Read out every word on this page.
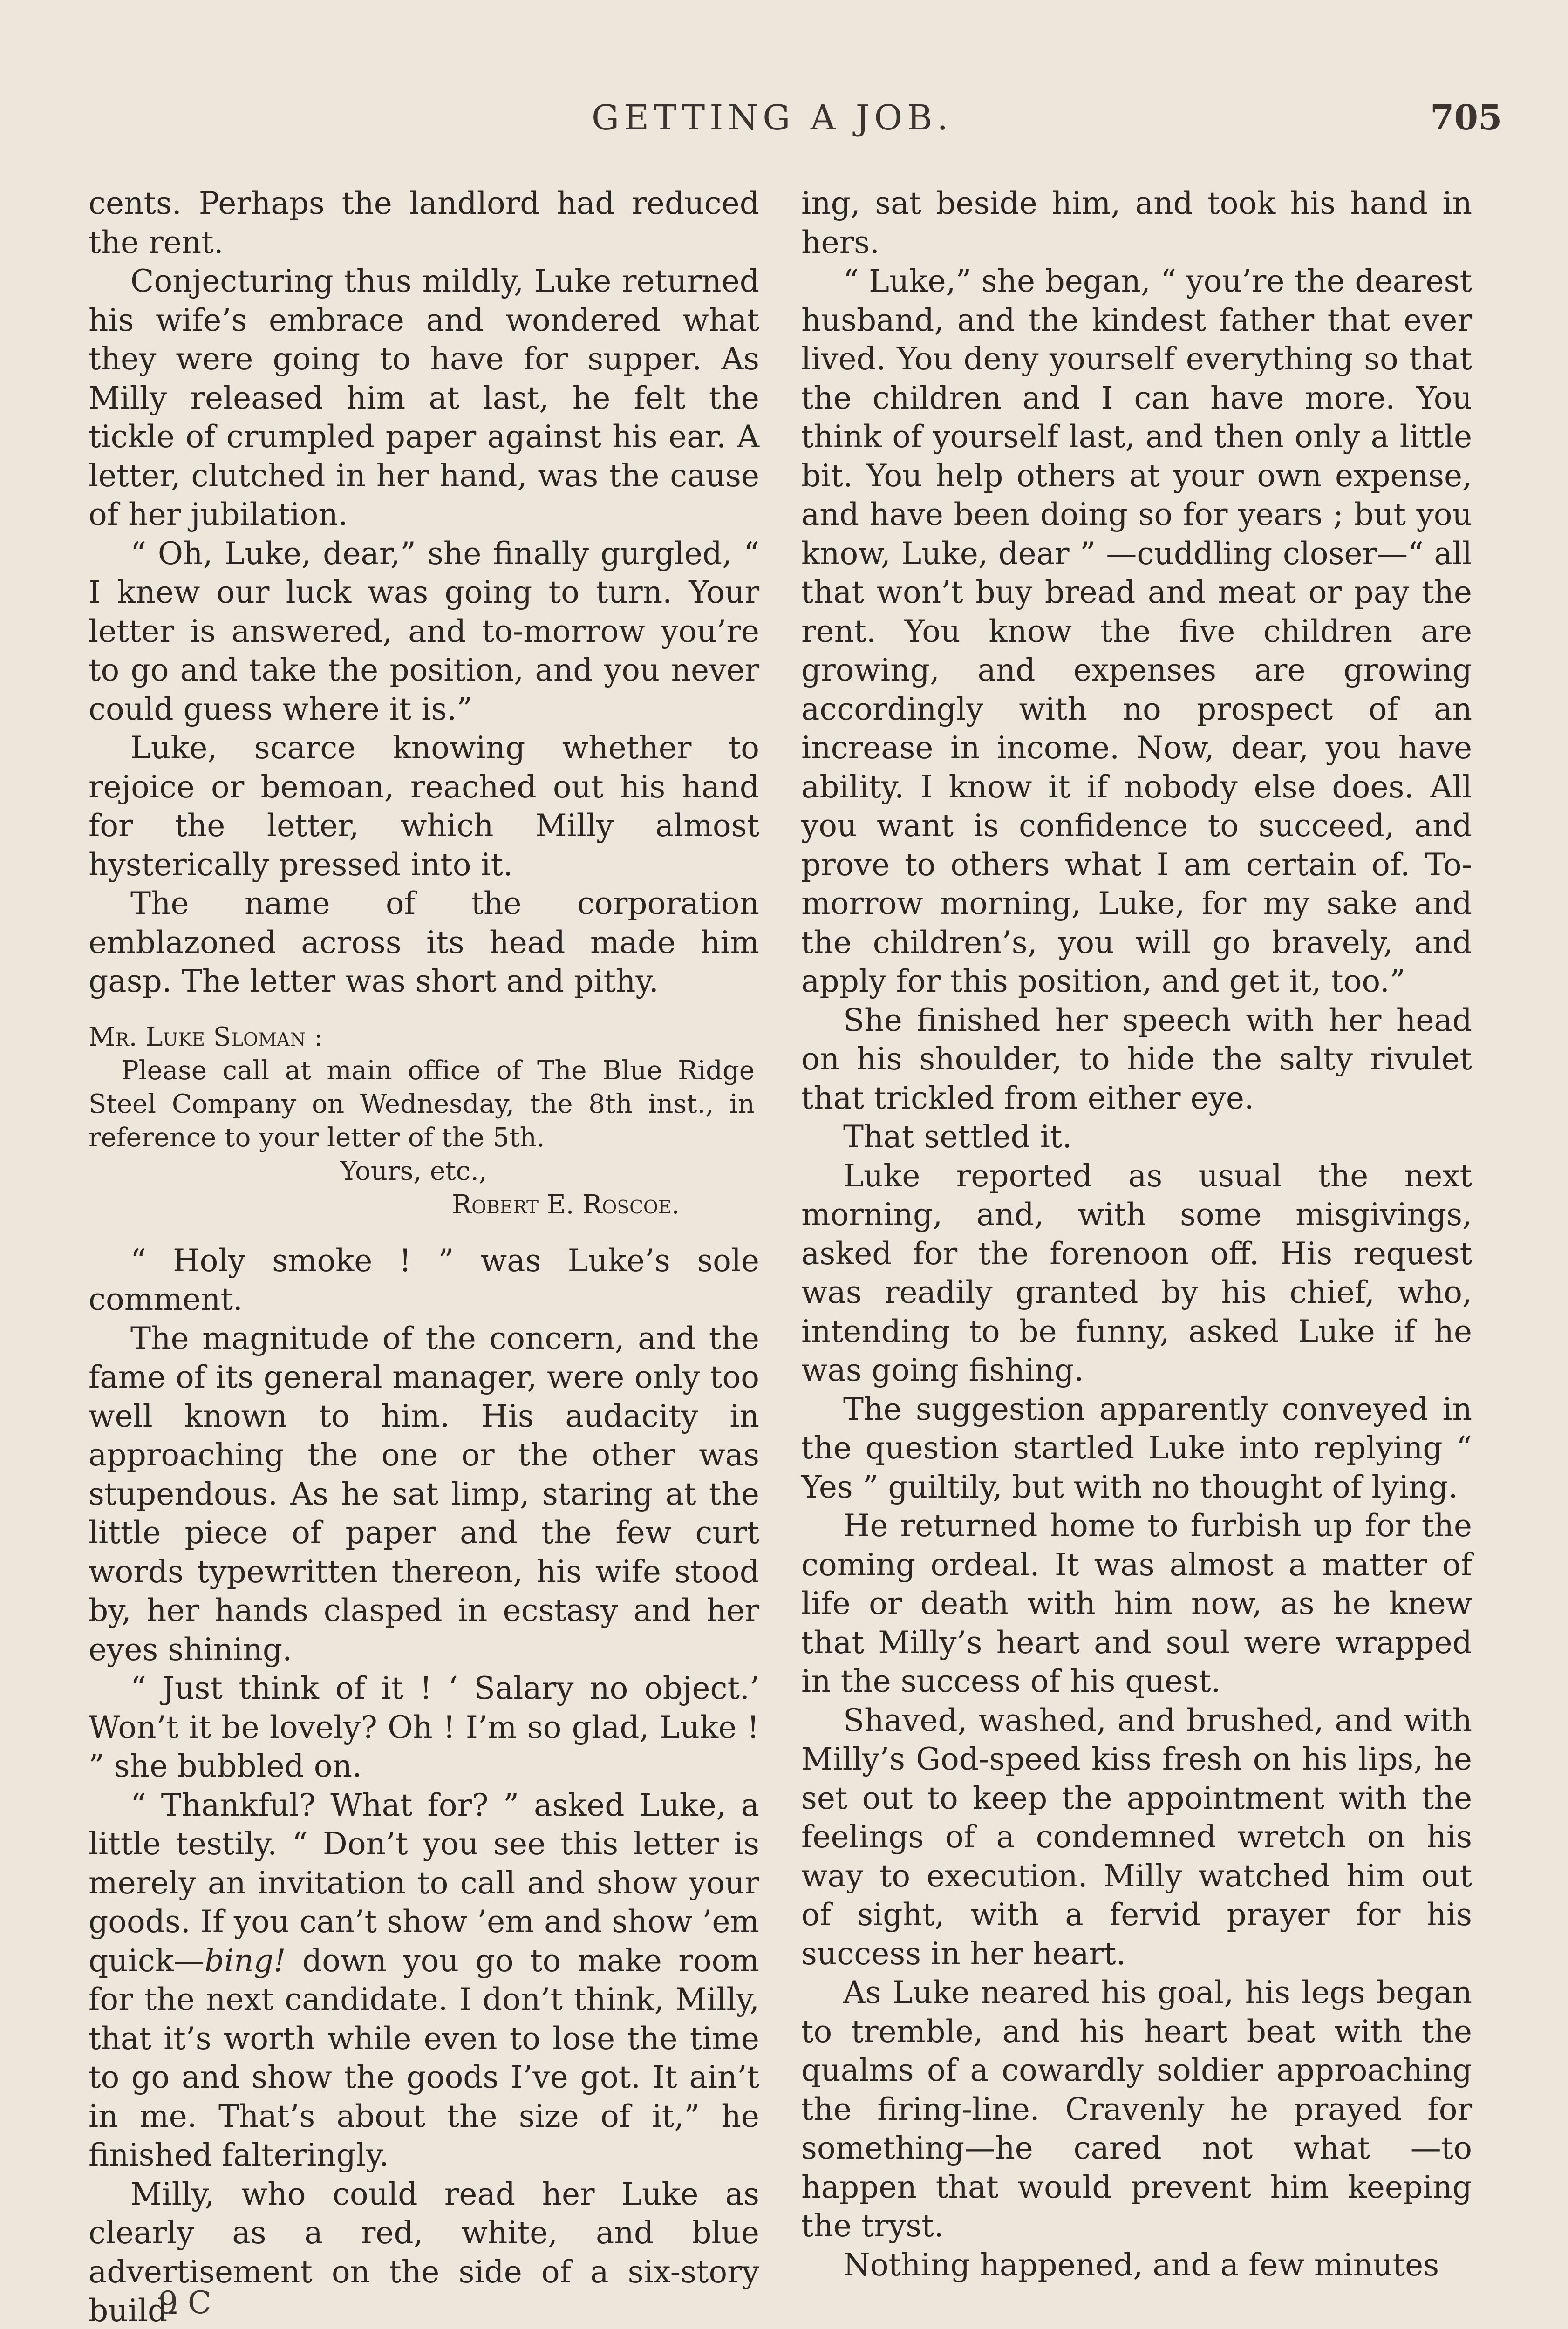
GETTING A JOB.	705

cents. Perhaps the landlord had reduced the rent.

Conjecturing thus mildly, Luke returned his wife’s embrace and wondered what they were going to have for supper. As Milly released him at last, he felt the tickle of crumpled paper against his ear. A letter, clutched in her hand, was the cause of her jubilation.

“ Oh, Luke, dear,” she finally gurgled, “ I knew our luck was going to turn. Your letter is answered, and to-morrow you’re to go and take the position, and you never could guess where it is.”

Luke, scarce knowing whether to rejoice or bemoan, reached out his hand for the letter, which Milly almost hysterically pressed into it.

The name of the corporation emblazoned across its head made him gasp. The letter was short and pithy.

Mr. Luke Sloman :

Please call at main office of The Blue Ridge Steel Company on Wednesday, the 8th inst., in reference to your letter of the 5th.

Yours, etc.,

Robert E. Roscoe.

“ Holy smoke ! ” was Luke’s sole comment.

The magnitude of the concern, and the fame of its general manager, were only too well known to him. His audacity in approaching the one or the other was stupendous. As he sat limp, staring at the little piece of paper and the few curt words typewritten thereon, his wife stood by, her hands clasped in ecstasy and her eyes shining.

“ Just think of it ! ‘ Salary no object.’ Won’t it be lovely? Oh ! I’m so glad, Luke ! ” she bubbled on.

“ Thankful? What for? ” asked Luke, a little testily. “ Don’t you see this letter is merely an invitation to call and show your goods. If you can’t show ’em and show ’em quick—bing! down you go to make room for the next candidate. I don’t think, Milly, that it’s worth while even to lose the time to go and show the goods I’ve got. It ain’t in me. That’s about the size of it,” he finished falteringly.

Milly, who could read her Luke as clearly as a red, white, and blue advertisement on the side of a six-story build-

ing, sat beside him, and took his hand in hers.

“ Luke,” she began, “ you’re the dearest husband, and the kindest father that ever lived. You deny yourself everything so that the children and I can have more. You think of yourself last, and then only a little bit. You help others at your own expense, and have been doing so for years ; but you know, Luke, dear ” —cuddling closer—“ all that won’t buy bread and meat or pay the rent. You know the five children are growing, and expenses are growing accordingly with no prospect of an increase in income. Now, dear, you have ability. I know it if nobody else does. All you want is confidence to succeed, and prove to others what I am certain of. To-morrow morning, Luke, for my sake and the children’s, you will go bravely, and apply for this position, and get it, too.”

She finished her speech with her head on his shoulder, to hide the salty rivulet that trickled from either eye.

That settled it.

Luke reported as usual the next morning, and, with some misgivings, asked for the forenoon off. His request was readily granted by his chief, who, intending to be funny, asked Luke if he was going fishing.

The suggestion apparently conveyed in the question startled Luke into replying “ Yes ” guiltily, but with no thought of lying.

He returned home to furbish up for the coming ordeal. It was almost a matter of life or death with him now, as he knew that Milly’s heart and soul were wrapped in the success of his quest.

Shaved, washed, and brushed, and with Milly’s God-speed kiss fresh on his lips, he set out to keep the appointment with the feelings of a condemned wretch on his way to execution. Milly watched him out of sight, with a fervid prayer for his success in her heart.

As Luke neared his goal, his legs began to tremble, and his heart beat with the qualms of a cowardly soldier approaching the firing-line. Cravenly he prayed for something—he cared not what —to happen that would prevent him keeping the tryst.

Nothing happened, and a few minutes

9 C
